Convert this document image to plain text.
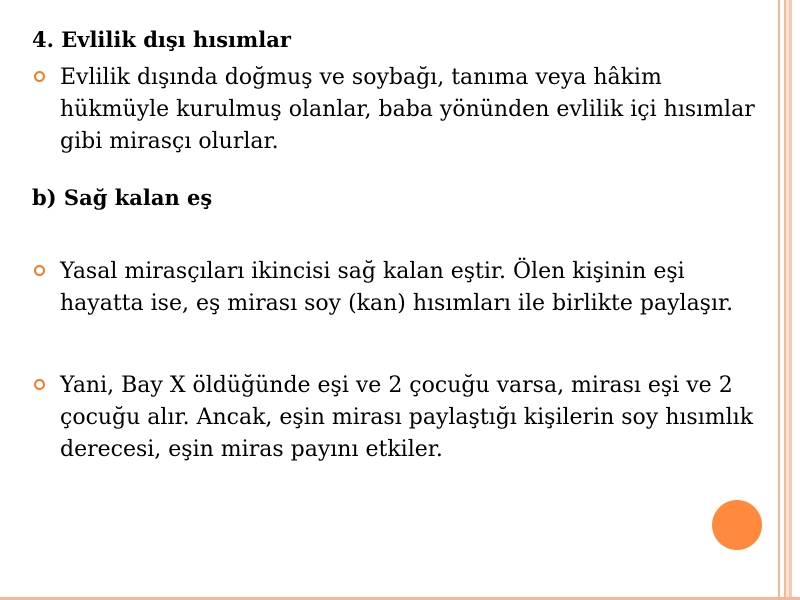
4. Evlilik dışı hısımlar

Evlilik dışında doğmuş ve soybağı, tanıma veya hâkim hükmüyle kurulmuş olanlar, baba yönünden evlilik içi hısımlar gibi mirasçı olurlar.

b) Sağ kalan eş

Yasal mirasçıları ikincisi sağ kalan eştir. Ölen kişinin eşi hayatta ise, eş mirası soy (kan) hısımları ile birlikte paylaşır.

Yani, Bay X öldüğünde eşi ve 2 çocuğu varsa, mirası eşi ve 2 çocuğu alır. Ancak, eşin mirası paylaştığı kişilerin soy hısımlık derecesi, eşin miras payını etkiler.
